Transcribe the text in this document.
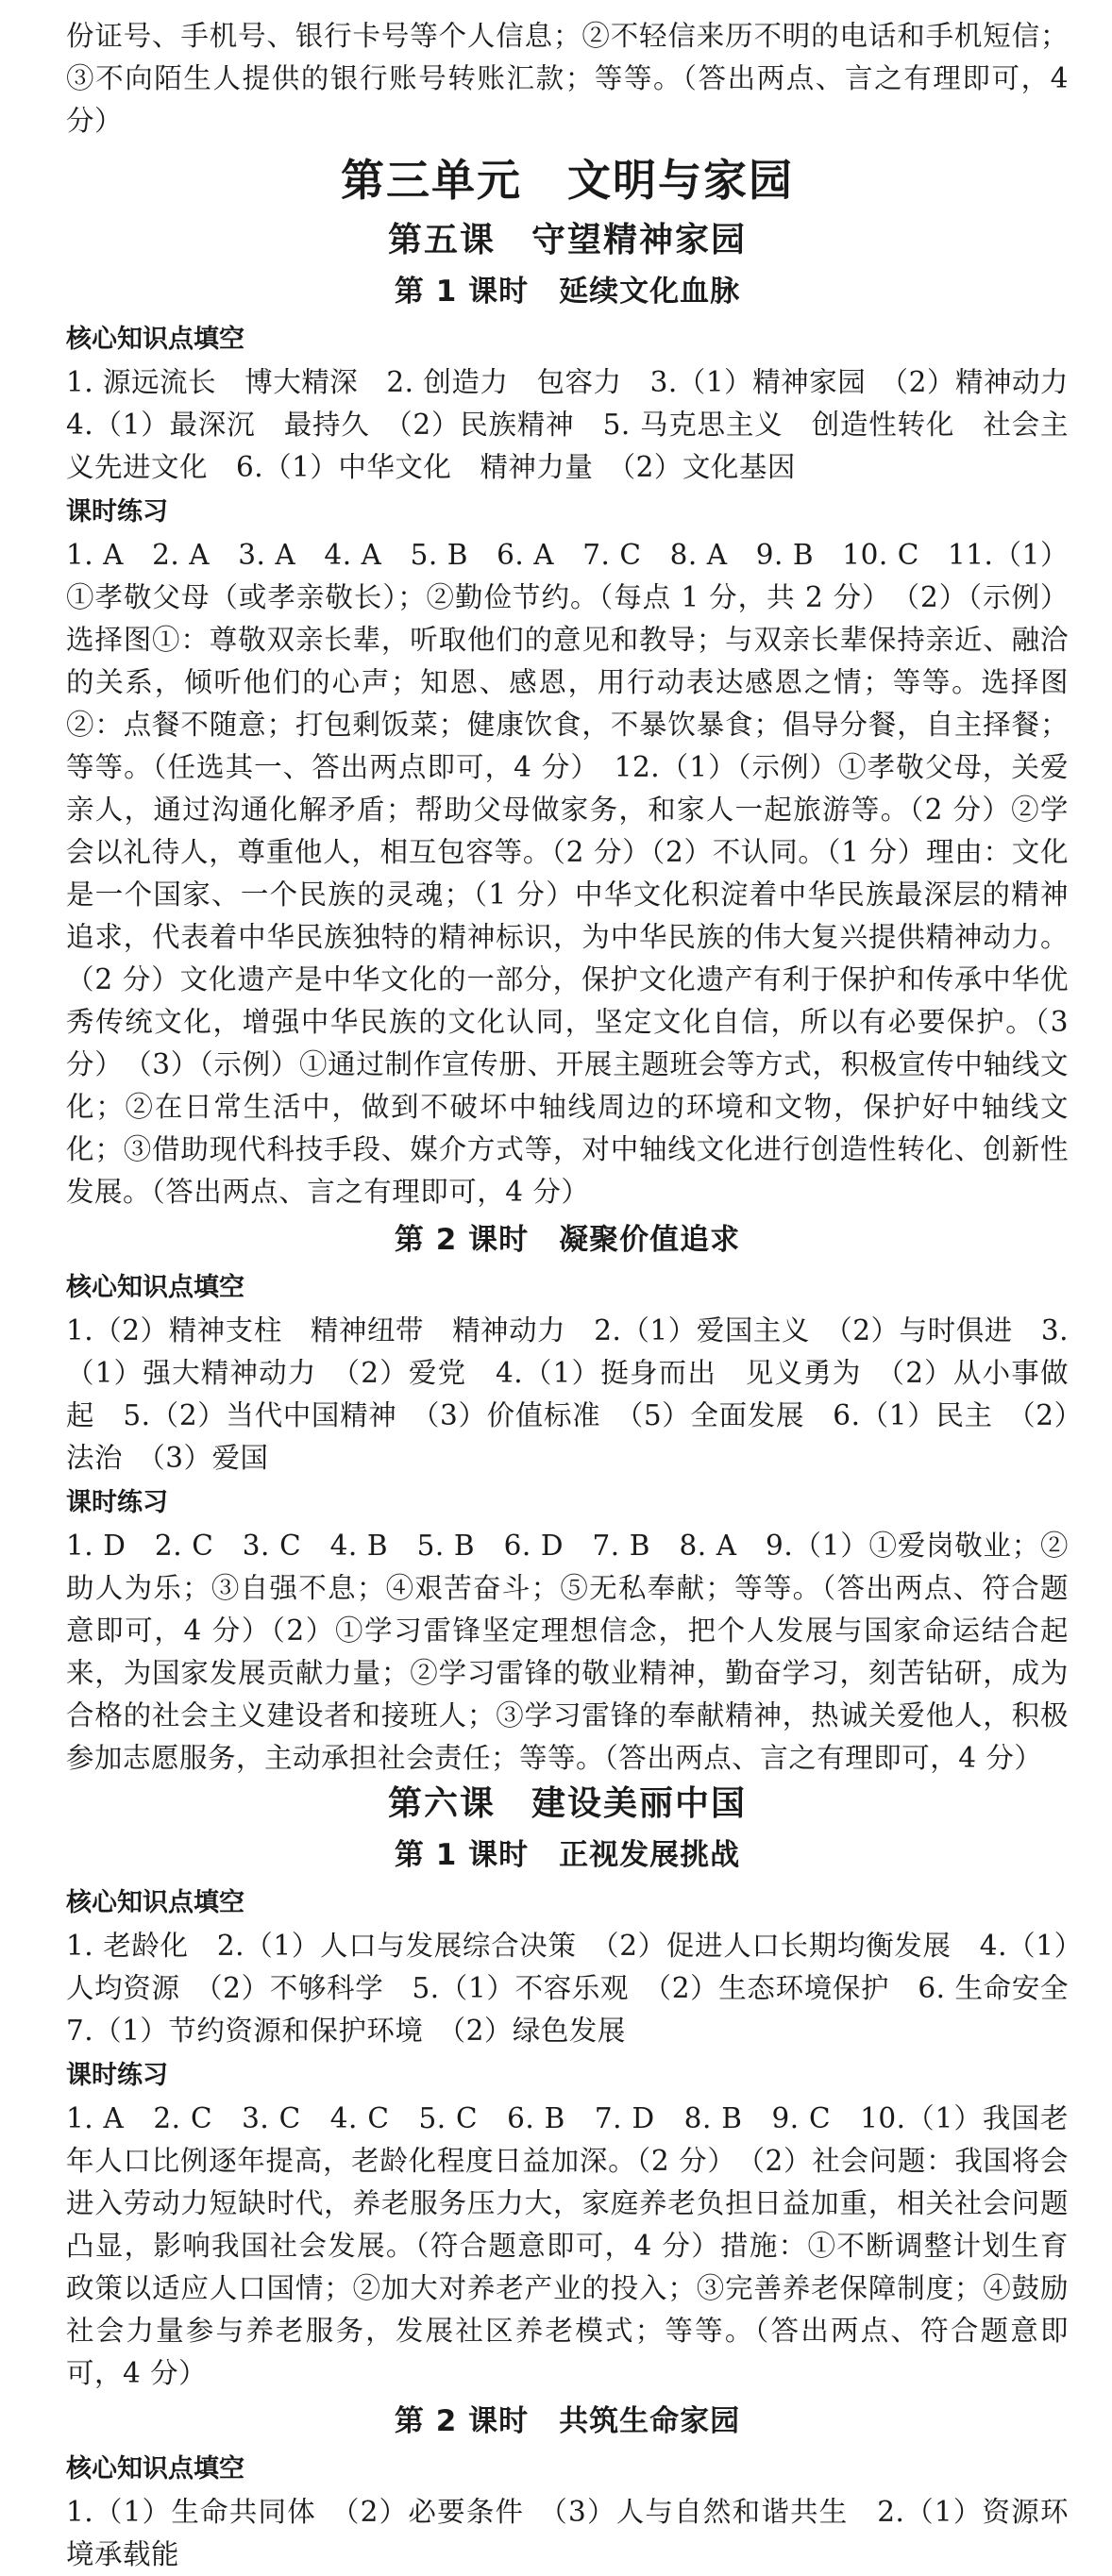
份证号、手机号、银行卡号等个人信息；②不轻信来历不明的电话和手机短信；③不向陌生人提供的银行账号转账汇款；等等。（答出两点、言之有理即可，4分）

第三单元　文明与家园
第五课　守望精神家园
第 1 课时　延续文化血脉
核心知识点填空

1. 源远流长　博大精深　2. 创造力　包容力　3.（1）精神家园　（2）精神动力　4.（1）最深沉　最持久　（2）民族精神　5. 马克思主义　创造性转化　社会主义先进文化　6.（1）中华文化　精神力量　（2）文化基因

课时练习

1. A　2. A　3. A　4. A　5. B　6. A　7. C　8. A　9. B　10. C　11.（1）①孝敬父母（或孝亲敬长）；②勤俭节约。（每点 1 分，共 2 分）　（2）（示例）选择图①：尊敬双亲长辈，听取他们的意见和教导；与双亲长辈保持亲近、融洽的关系，倾听他们的心声；知恩、感恩，用行动表达感恩之情；等等。选择图②：点餐不随意；打包剩饭菜；健康饮食，不暴饮暴食；倡导分餐，自主择餐；等等。（任选其一、答出两点即可，4 分）　12.（1）（示例）①孝敬父母，关爱亲人，通过沟通化解矛盾；帮助父母做家务，和家人一起旅游等。（2 分）②学会以礼待人，尊重他人，相互包容等。（2 分）（2）不认同。（1 分）理由：文化是一个国家、一个民族的灵魂；（1 分）中华文化积淀着中华民族最深层的精神追求，代表着中华民族独特的精神标识，为中华民族的伟大复兴提供精神动力。（2 分）文化遗产是中华文化的一部分，保护文化遗产有利于保护和传承中华优秀传统文化，增强中华民族的文化认同，坚定文化自信，所以有必要保护。（3 分）　（3）（示例）①通过制作宣传册、开展主题班会等方式，积极宣传中轴线文化；②在日常生活中，做到不破坏中轴线周边的环境和文物，保护好中轴线文化；③借助现代科技手段、媒介方式等，对中轴线文化进行创造性转化、创新性发展。（答出两点、言之有理即可，4 分）

第 2 课时　凝聚价值追求
核心知识点填空

1.（2）精神支柱　精神纽带　精神动力　2.（1）爱国主义　（2）与时俱进　3.（1）强大精神动力　（2）爱党　4.（1）挺身而出　见义勇为　（2）从小事做起　5.（2）当代中国精神　（3）价值标准　（5）全面发展　6.（1）民主　（2）法治　（3）爱国

课时练习

1. D　2. C　3. C　4. B　5. B　6. D　7. B　8. A　9.（1）①爱岗敬业；②助人为乐；③自强不息；④艰苦奋斗；⑤无私奉献；等等。（答出两点、符合题意即可，4 分）（2）①学习雷锋坚定理想信念，把个人发展与国家命运结合起来，为国家发展贡献力量；②学习雷锋的敬业精神，勤奋学习，刻苦钻研，成为合格的社会主义建设者和接班人；③学习雷锋的奉献精神，热诚关爱他人，积极参加志愿服务，主动承担社会责任；等等。（答出两点、言之有理即可，4 分）

第六课　建设美丽中国
第 1 课时　正视发展挑战
核心知识点填空

1. 老龄化　2.（1）人口与发展综合决策　（2）促进人口长期均衡发展　4.（1）人均资源　（2）不够科学　5.（1）不容乐观　（2）生态环境保护　6. 生命安全　7.（1）节约资源和保护环境　（2）绿色发展

课时练习

1. A　2. C　3. C　4. C　5. C　6. B　7. D　8. B　9. C　10.（1）我国老年人口比例逐年提高，老龄化程度日益加深。（2 分）　（2）社会问题：我国将会进入劳动力短缺时代，养老服务压力大，家庭养老负担日益加重，相关社会问题凸显，影响我国社会发展。（符合题意即可，4 分）措施：①不断调整计划生育政策以适应人口国情；②加大对养老产业的投入；③完善养老保障制度；④鼓励社会力量参与养老服务，发展社区养老模式；等等。（答出两点、符合题意即可，4 分）

第 2 课时　共筑生命家园
核心知识点填空

1.（1）生命共同体　（2）必要条件　（3）人与自然和谐共生　2.（1）资源环境承载能
